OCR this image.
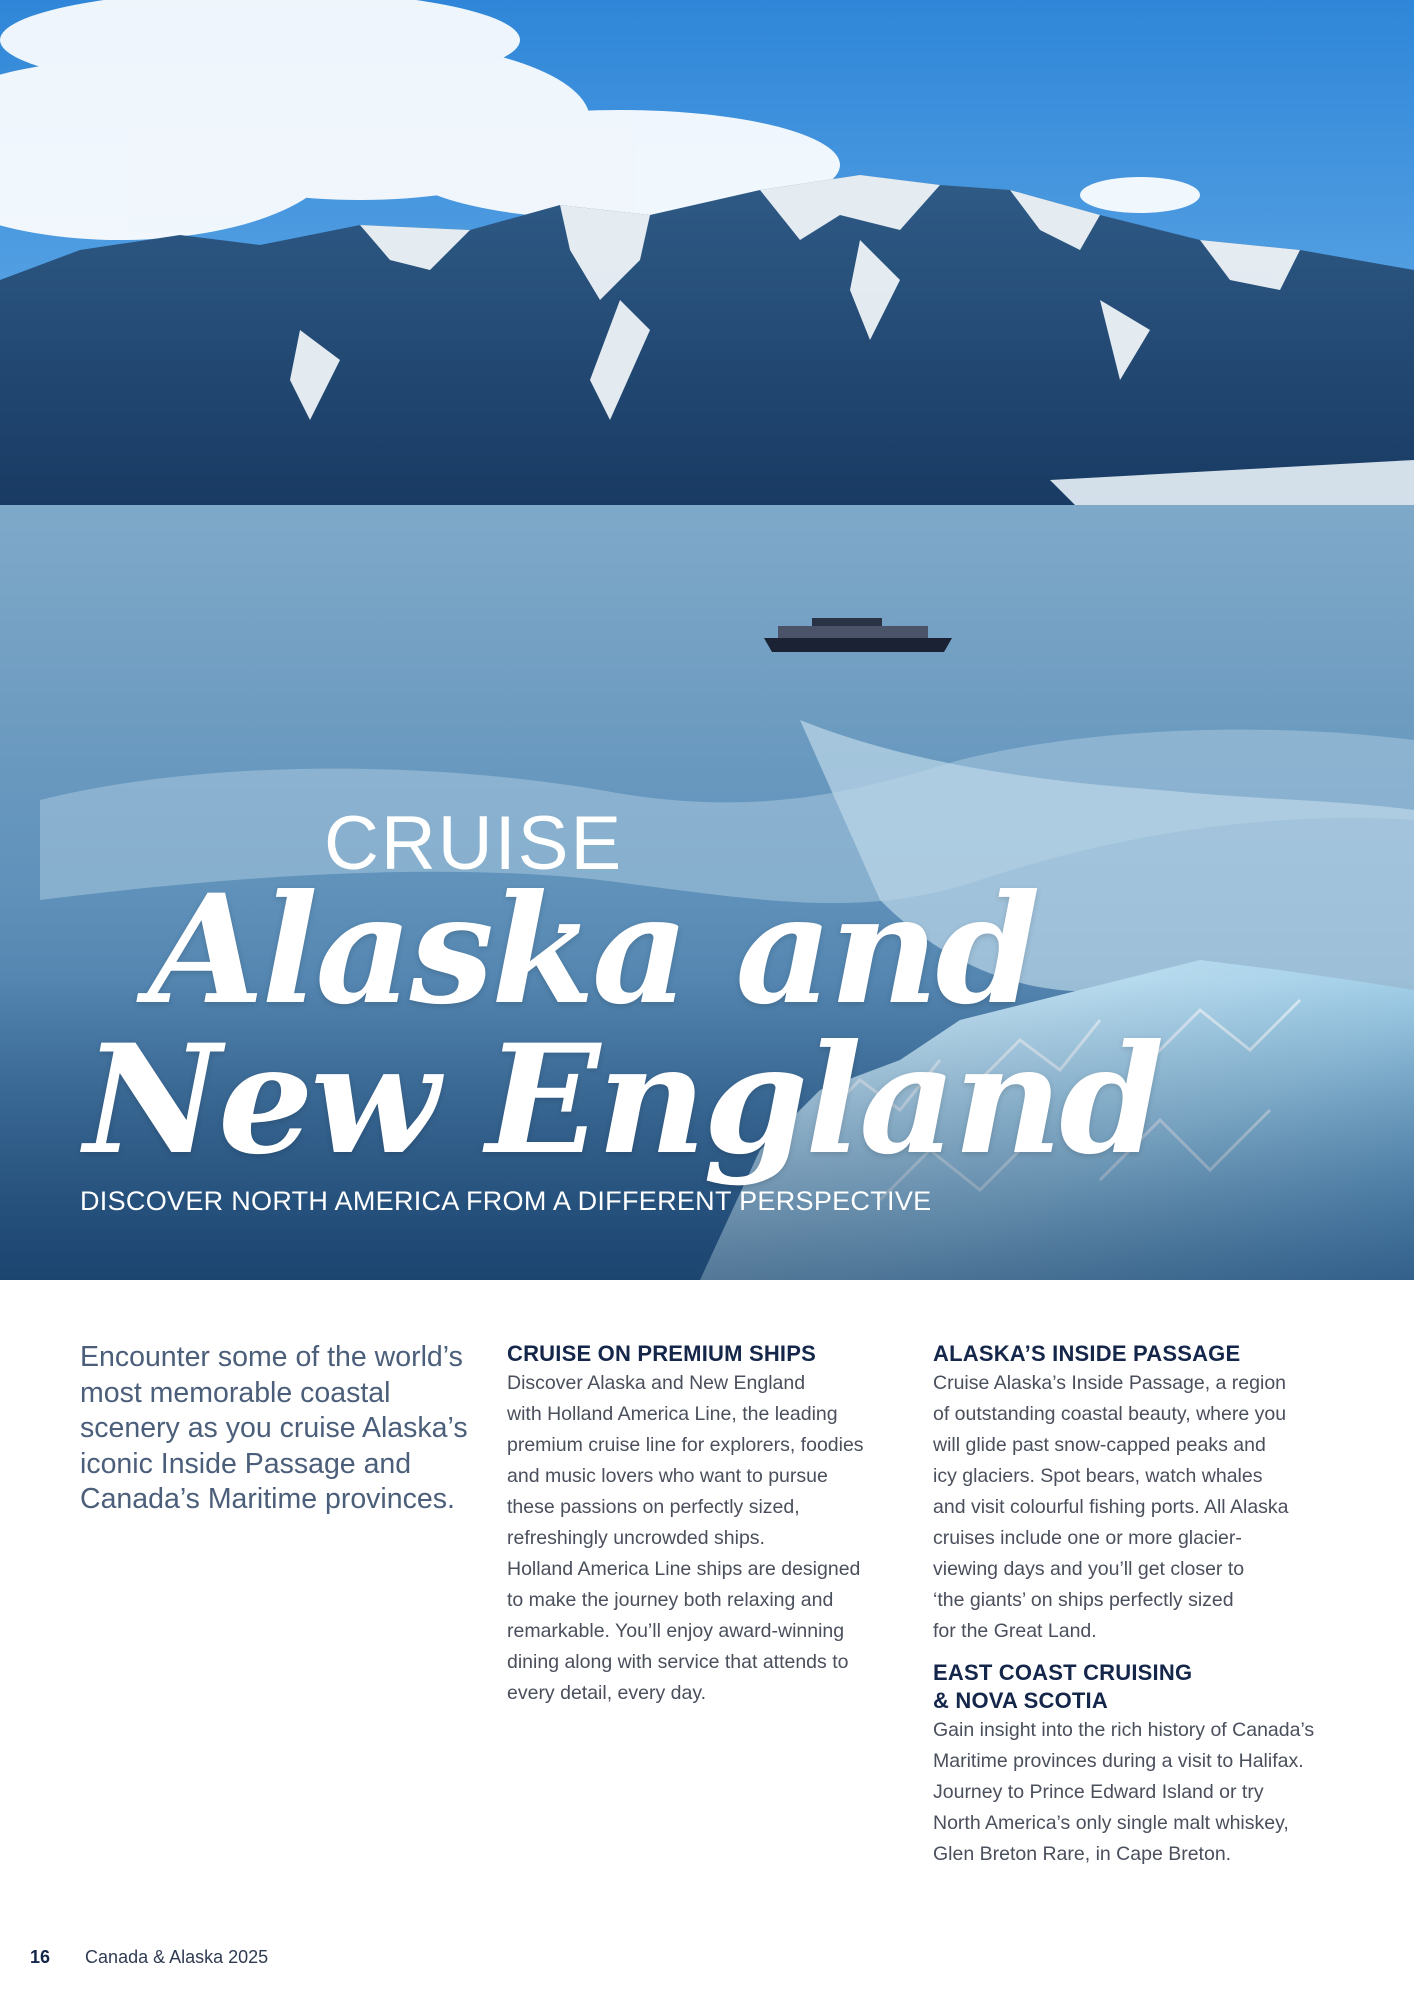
CRUISE

Alaska and

New England

DISCOVER NORTH AMERICA FROM A DIFFERENT PERSPECTIVE

Encounter some of the world’s most memorable coastal scenery as you cruise Alaska’s iconic Inside Passage and Canada’s Maritime provinces.

CRUISE ON PREMIUM SHIPS

Discover Alaska and New England
with Holland America Line, the leading
premium cruise line for explorers, foodies
and music lovers who want to pursue
these passions on perfectly sized,
refreshingly uncrowded ships.
Holland America Line ships are designed
to make the journey both relaxing and
remarkable. You’ll enjoy award-winning
dining along with service that attends to
every detail, every day.

ALASKA’S INSIDE PASSAGE

Cruise Alaska’s Inside Passage, a region
of outstanding coastal beauty, where you
will glide past snow-capped peaks and
icy glaciers. Spot bears, watch whales
and visit colourful fishing ports. All Alaska
cruises include one or more glacier-
viewing days and you’ll get closer to
‘the giants’ on ships perfectly sized
for the Great Land.

EAST COAST CRUISING
& NOVA SCOTIA

Gain insight into the rich history of Canada’s
Maritime provinces during a visit to Halifax.
Journey to Prince Edward Island or try
North America’s only single malt whiskey,
Glen Breton Rare, in Cape Breton.

16 Canada & Alaska 2025
